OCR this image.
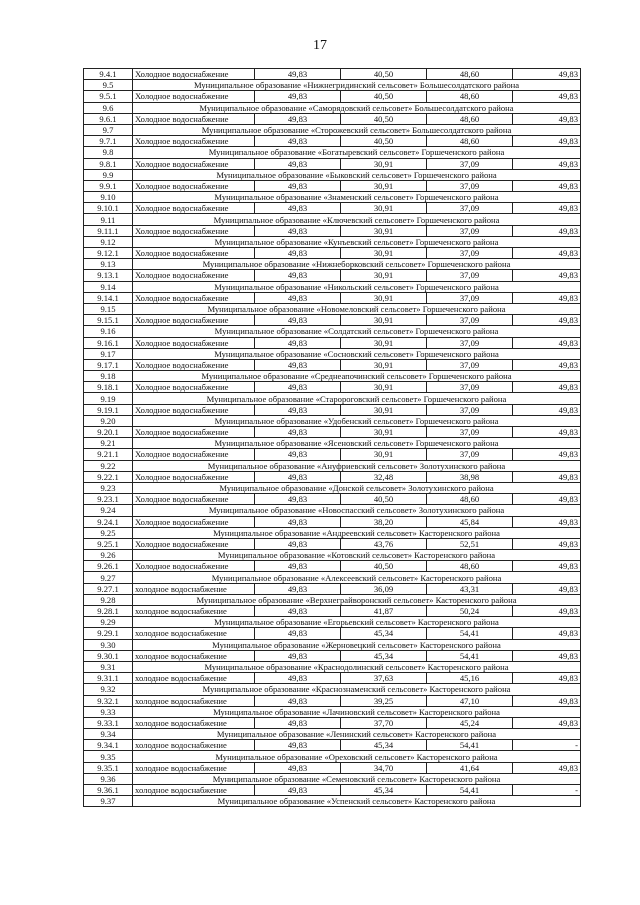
17
9.4.1	Холодное водоснабжение	49,83	40,50	48,60	49,83
9.5	Муниципальное образование «Нижнегридинский сельсовет» Большесолдатского района				
9.5.1	Холодное водоснабжение	49,83	40,50	48,60	49,83
9.6	Муниципальное образование «Саморядовский сельсовет» Большесолдатского района				
9.6.1	Холодное водоснабжение	49,83	40,50	48,60	49,83
9.7	Муниципальное образование «Сторожевский сельсовет» Большесолдатского района				
9.7.1	Холодное водоснабжение	49,83	40,50	48,60	49,83
9.8	Муниципальное образование «Богатыревский сельсовет» Горшеченского района				
9.8.1	Холодное водоснабжение	49,83	30,91	37,09	49,83
9.9	Муниципальное образование «Быковский сельсовет» Горшеченского района				
9.9.1	Холодное водоснабжение	49,83	30,91	37,09	49,83
9.10	Муниципальное образование «Знаменский сельсовет» Горшеченского района				
9.10.1	Холодное водоснабжение	49,83	30,91	37,09	49,83
9.11	Муниципальное образование «Ключевский сельсовет» Горшеченского района				
9.11.1	Холодное водоснабжение	49,83	30,91	37,09	49,83
9.12	Муниципальное образование «Кунъевский сельсовет» Горшеченского района				
9.12.1	Холодное водоснабжение	49,83	30,91	37,09	49,83
9.13	Муниципальное образование «Нижнеборковский сельсовет» Горшеченского района				
9.13.1	Холодное водоснабжение	49,83	30,91	37,09	49,83
9.14	Муниципальное образование «Никольский сельсовет» Горшеченского района				
9.14.1	Холодное водоснабжение	49,83	30,91	37,09	49,83
9.15	Муниципальное образование «Новомеловский сельсовет» Горшеченского района				
9.15.1	Холодное водоснабжение	49,83	30,91	37,09	49,83
9.16	Муниципальное образование «Солдатский сельсовет» Горшеченского района				
9.16.1	Холодное водоснабжение	49,83	30,91	37,09	49,83
9.17	Муниципальное образование «Сосновский сельсовет» Горшеченского района				
9.17.1	Холодное водоснабжение	49,83	30,91	37,09	49,83
9.18	Муниципальное образование «Среднеапочинский сельсовет» Горшеченского района				
9.18.1	Холодное водоснабжение	49,83	30,91	37,09	49,83
9.19	Муниципальное образование «Старороговский сельсовет» Горшеченского района				
9.19.1	Холодное водоснабжение	49,83	30,91	37,09	49,83
9.20	Муниципальное образование «Удобенский сельсовет» Горшеченского района				
9.20.1	Холодное водоснабжение	49,83	30,91	37,09	49,83
9.21	Муниципальное образование «Ясеновский сельсовет» Горшеченского района				
9.21.1	Холодное водоснабжение	49,83	30,91	37,09	49,83
9.22	Муниципальное образование «Ануфриевский сельсовет» Золотухинского района				
9.22.1	Холодное водоснабжение	49,83	32,48	38,98	49,83
9.23	Муниципальное образование «Донской сельсовет» Золотухинского района				
9.23.1	Холодное водоснабжение	49,83	40,50	48,60	49,83
9.24	Муниципальное образование «Новоспасский сельсовет» Золотухинского района				
9.24.1	Холодное водоснабжение	49,83	38,20	45,84	49,83
9.25	Муниципальное образование «Андреевский сельсовет» Касторенского района				
9.25.1	Холодное водоснабжение	49,83	43,76	52,51	49,83
9.26	Муниципальное образование «Котовский сельсовет» Касторенского района				
9.26.1	Холодное водоснабжение	49,83	40,50	48,60	49,83
9.27	Муниципальное образование «Алексеевский сельсовет» Касторенского района				
9.27.1	холодное водоснабжение	49,83	36,09	43,31	49,83
9.28	Муниципальное образование «Верхнеграйворонский сельсовет» Касторенского района				
9.28.1	холодное водоснабжение	49,83	41,87	50,24	49,83
9.29	Муниципальное образование «Егорьевский сельсовет» Касторенского района				
9.29.1	холодное водоснабжение	49,83	45,34	54,41	49,83
9.30	Муниципальное образование «Жерновецкий сельсовет» Касторенского района				
9.30.1	холодное водоснабжение	49,83	45,34	54,41	49,83
9.31	Муниципальное образование «Краснодолинский сельсовет» Касторенского района				
9.31.1	холодное водоснабжение	49,83	37,63	45,16	49,83
9.32	Муниципальное образование «Краснознаменский сельсовет» Касторенского района				
9.32.1	холодное водоснабжение	49,83	39,25	47,10	49,83
9.33	Муниципальное образование «Лачиновский сельсовет» Касторенского района				
9.33.1	холодное водоснабжение	49,83	37,70	45,24	49,83
9.34	Муниципальное образование «Ленинский сельсовет» Касторенского района				
9.34.1	холодное водоснабжение	49,83	45,34	54,41	-
9.35	Муниципальное образование «Ореховский сельсовет» Касторенского района				
9.35.1	холодное водоснабжение	49,83	34,70	41,64	49,83
9.36	Муниципальное образование «Семеновский сельсовет» Касторенского района				
9.36.1	холодное водоснабжение	49,83	45,34	54,41	-
9.37	Муниципальное образование «Успенский сельсовет» Касторенского района				
